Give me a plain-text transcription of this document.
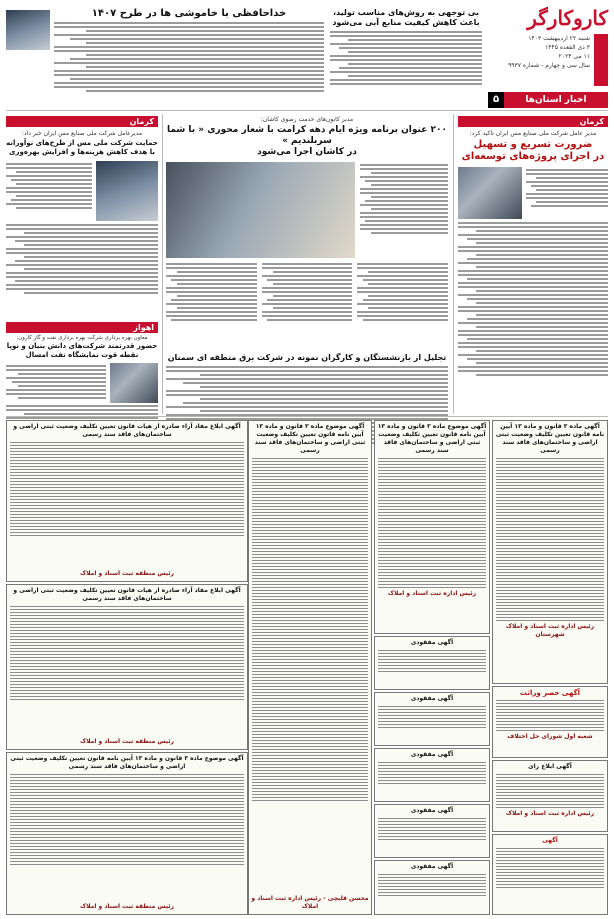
کاروکارگر
شنبه ۲۲ اردیبهشت ۱۴۰۳
۳ ذی القعده ۱۴۴۵
۱۱ می ۲۰۲۴
سال سی و چهارم - شماره ۹۹۳۷
اخبار استان‌ها
۵
بی توجهی به روش‌های مناسب تولید،
باعث کاهش کیفیت منابع آبی می‌شود
خداحافظی با خاموشی ها در طرح ۱۴۰۷
کرمان
مدیر عامل شرکت ملی صنایع مس ایران تاکید کرد:
ضرورت تسریع و تسهیل
در اجرای پروژه‌های توسعه‌ای
مدیر کانون‌های خدمت رضوی کاشان:
۲۰۰ عنوان برنامه ویژه ایام دهه کرامت با شعار محوری « با شما سربلندیم »
در کاشان اجرا می‌شود
تجلیل از بازنشستگان و کارگران نمونه در شرکت برق منطقه ای سمنان
کرمان
مدیرعامل شرکت ملی صنایع مس ایران خبر داد:
حمایت شرکت ملی مس از طرح‌های نوآورانه
با هدف کاهش هزینه‌ها و افزایش بهره‌وری
اهواز
معاون بهره برداری شرکت بهره برداری نفت و گاز کارون:
حضور قدرتمند شرکت‌های دانش بنیان و نوپا
نقطه قوت نمایشگاه نفت امسال
آگهی ماده ۳ قانون و ماده ۱۳ آیین نامه قانون تعیین تکلیف وضعیت ثبتی اراضی و ساختمان‌های فاقد سند رسمی
رئیس اداره ثبت اسناد و املاک شهرستان
آگهی حصر وراثت
شعبه اول شورای حل اختلاف
آگهی ابلاغ رای
رئیس اداره ثبت اسناد و املاک
آگهی
آگهی موضوع ماده ۳ قانون و ماده ۱۳ آیین نامه قانون تعیین تکلیف وضعیت ثبتی اراضی و ساختمان‌های فاقد سند رسمی
رئیس اداره ثبت اسناد و املاک
آگهی مفقودی
آگهی مفقودی
آگهی مفقودی
آگهی مفقودی
آگهی مفقودی
آگهی موضوع ماده ۳ قانون و ماده ۱۳ آیین نامه قانون تعیین تکلیف وضعیت ثبتی اراضی و ساختمان‌های فاقد سند رسمی
محسن قلیچی - رئیس اداره ثبت اسناد و املاک
آگهی ابلاغ مفاد آراء صادره از هیات قانون تعیین تکلیف وضعیت ثبتی اراضی و ساختمان‌های فاقد سند رسمی
رئیس منطقه ثبت اسناد و املاک
آگهی ابلاغ مفاد آراء صادره از هیات قانون تعیین تکلیف وضعیت ثبتی اراضی و ساختمان‌های فاقد سند رسمی
رئیس منطقه ثبت اسناد و املاک
آگهی موضوع ماده ۳ قانون و ماده ۱۳ آیین نامه قانون تعیین تکلیف وضعیت ثبتی اراضی و ساختمان‌های فاقد سند رسمی
رئیس منطقه ثبت اسناد و املاک
